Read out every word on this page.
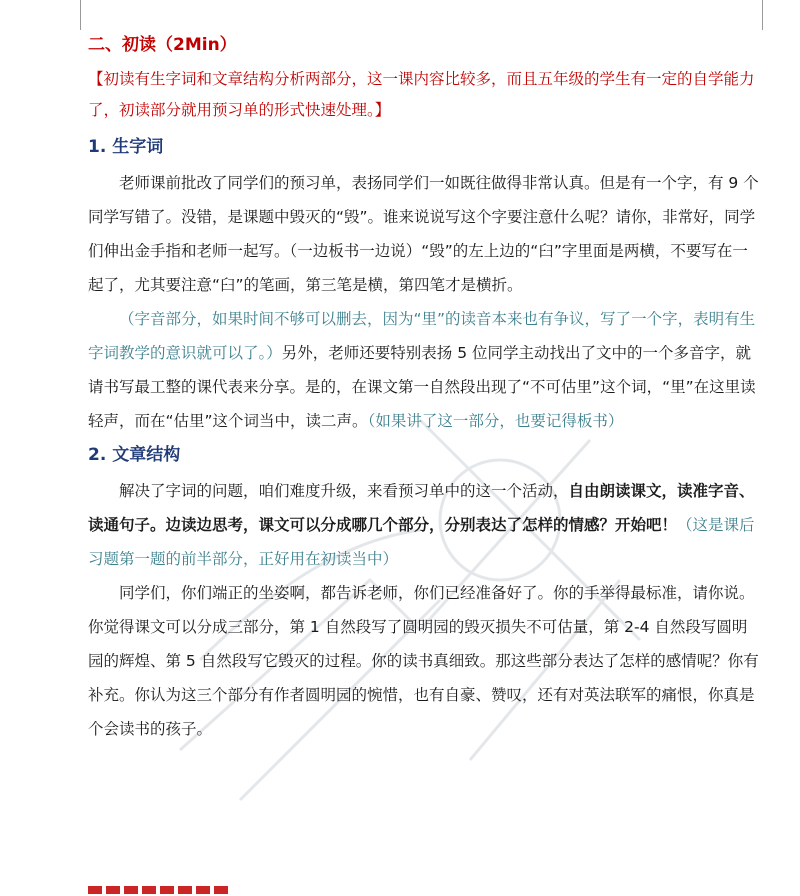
二、初读（2Min）
【初读有生字词和文章结构分析两部分，这一课内容比较多，而且五年级的学生有一定的自学能力了，初读部分就用预习单的形式快速处理。】
1. 生字词

老师课前批改了同学们的预习单，表扬同学们一如既往做得非常认真。但是有一个字，有 9 个同学写错了。没错，是课题中毁灭的“毁”。谁来说说写这个字要注意什么呢？请你，非常好，同学们伸出金手指和老师一起写。（一边板书一边说）“毁”的左上边的“臼”字里面是两横，不要写在一起了，尤其要注意“臼”的笔画，第三笔是横，第四笔才是横折。

（字音部分，如果时间不够可以删去，因为“里”的读音本来也有争议，写了一个字，表明有生字词教学的意识就可以了。）另外，老师还要特别表扬 5 位同学主动找出了文中的一个多音字，就请书写最工整的课代表来分享。是的，在课文第一自然段出现了“不可估里”这个词，“里”在这里读轻声，而在“估里”这个词当中，读二声。（如果讲了这一部分，也要记得板书）

2. 文章结构

解决了字词的问题，咱们难度升级，来看预习单中的这一个活动，自由朗读课文，读准字音、读通句子。边读边思考，课文可以分成哪几个部分，分别表达了怎样的情感？开始吧！（这是课后习题第一题的前半部分，正好用在初读当中）

同学们，你们端正的坐姿啊，都告诉老师，你们已经准备好了。你的手举得最标准，请你说。你觉得课文可以分成三部分，第 1 自然段写了圆明园的毁灭损失不可估量，第 2-4 自然段写圆明园的辉煌、第 5 自然段写它毁灭的过程。你的读书真细致。那这些部分表达了怎样的感情呢？你有补充。你认为这三个部分有作者圆明园的惋惜，也有自豪、赞叹，还有对英法联军的痛恨，你真是个会读书的孩子。
